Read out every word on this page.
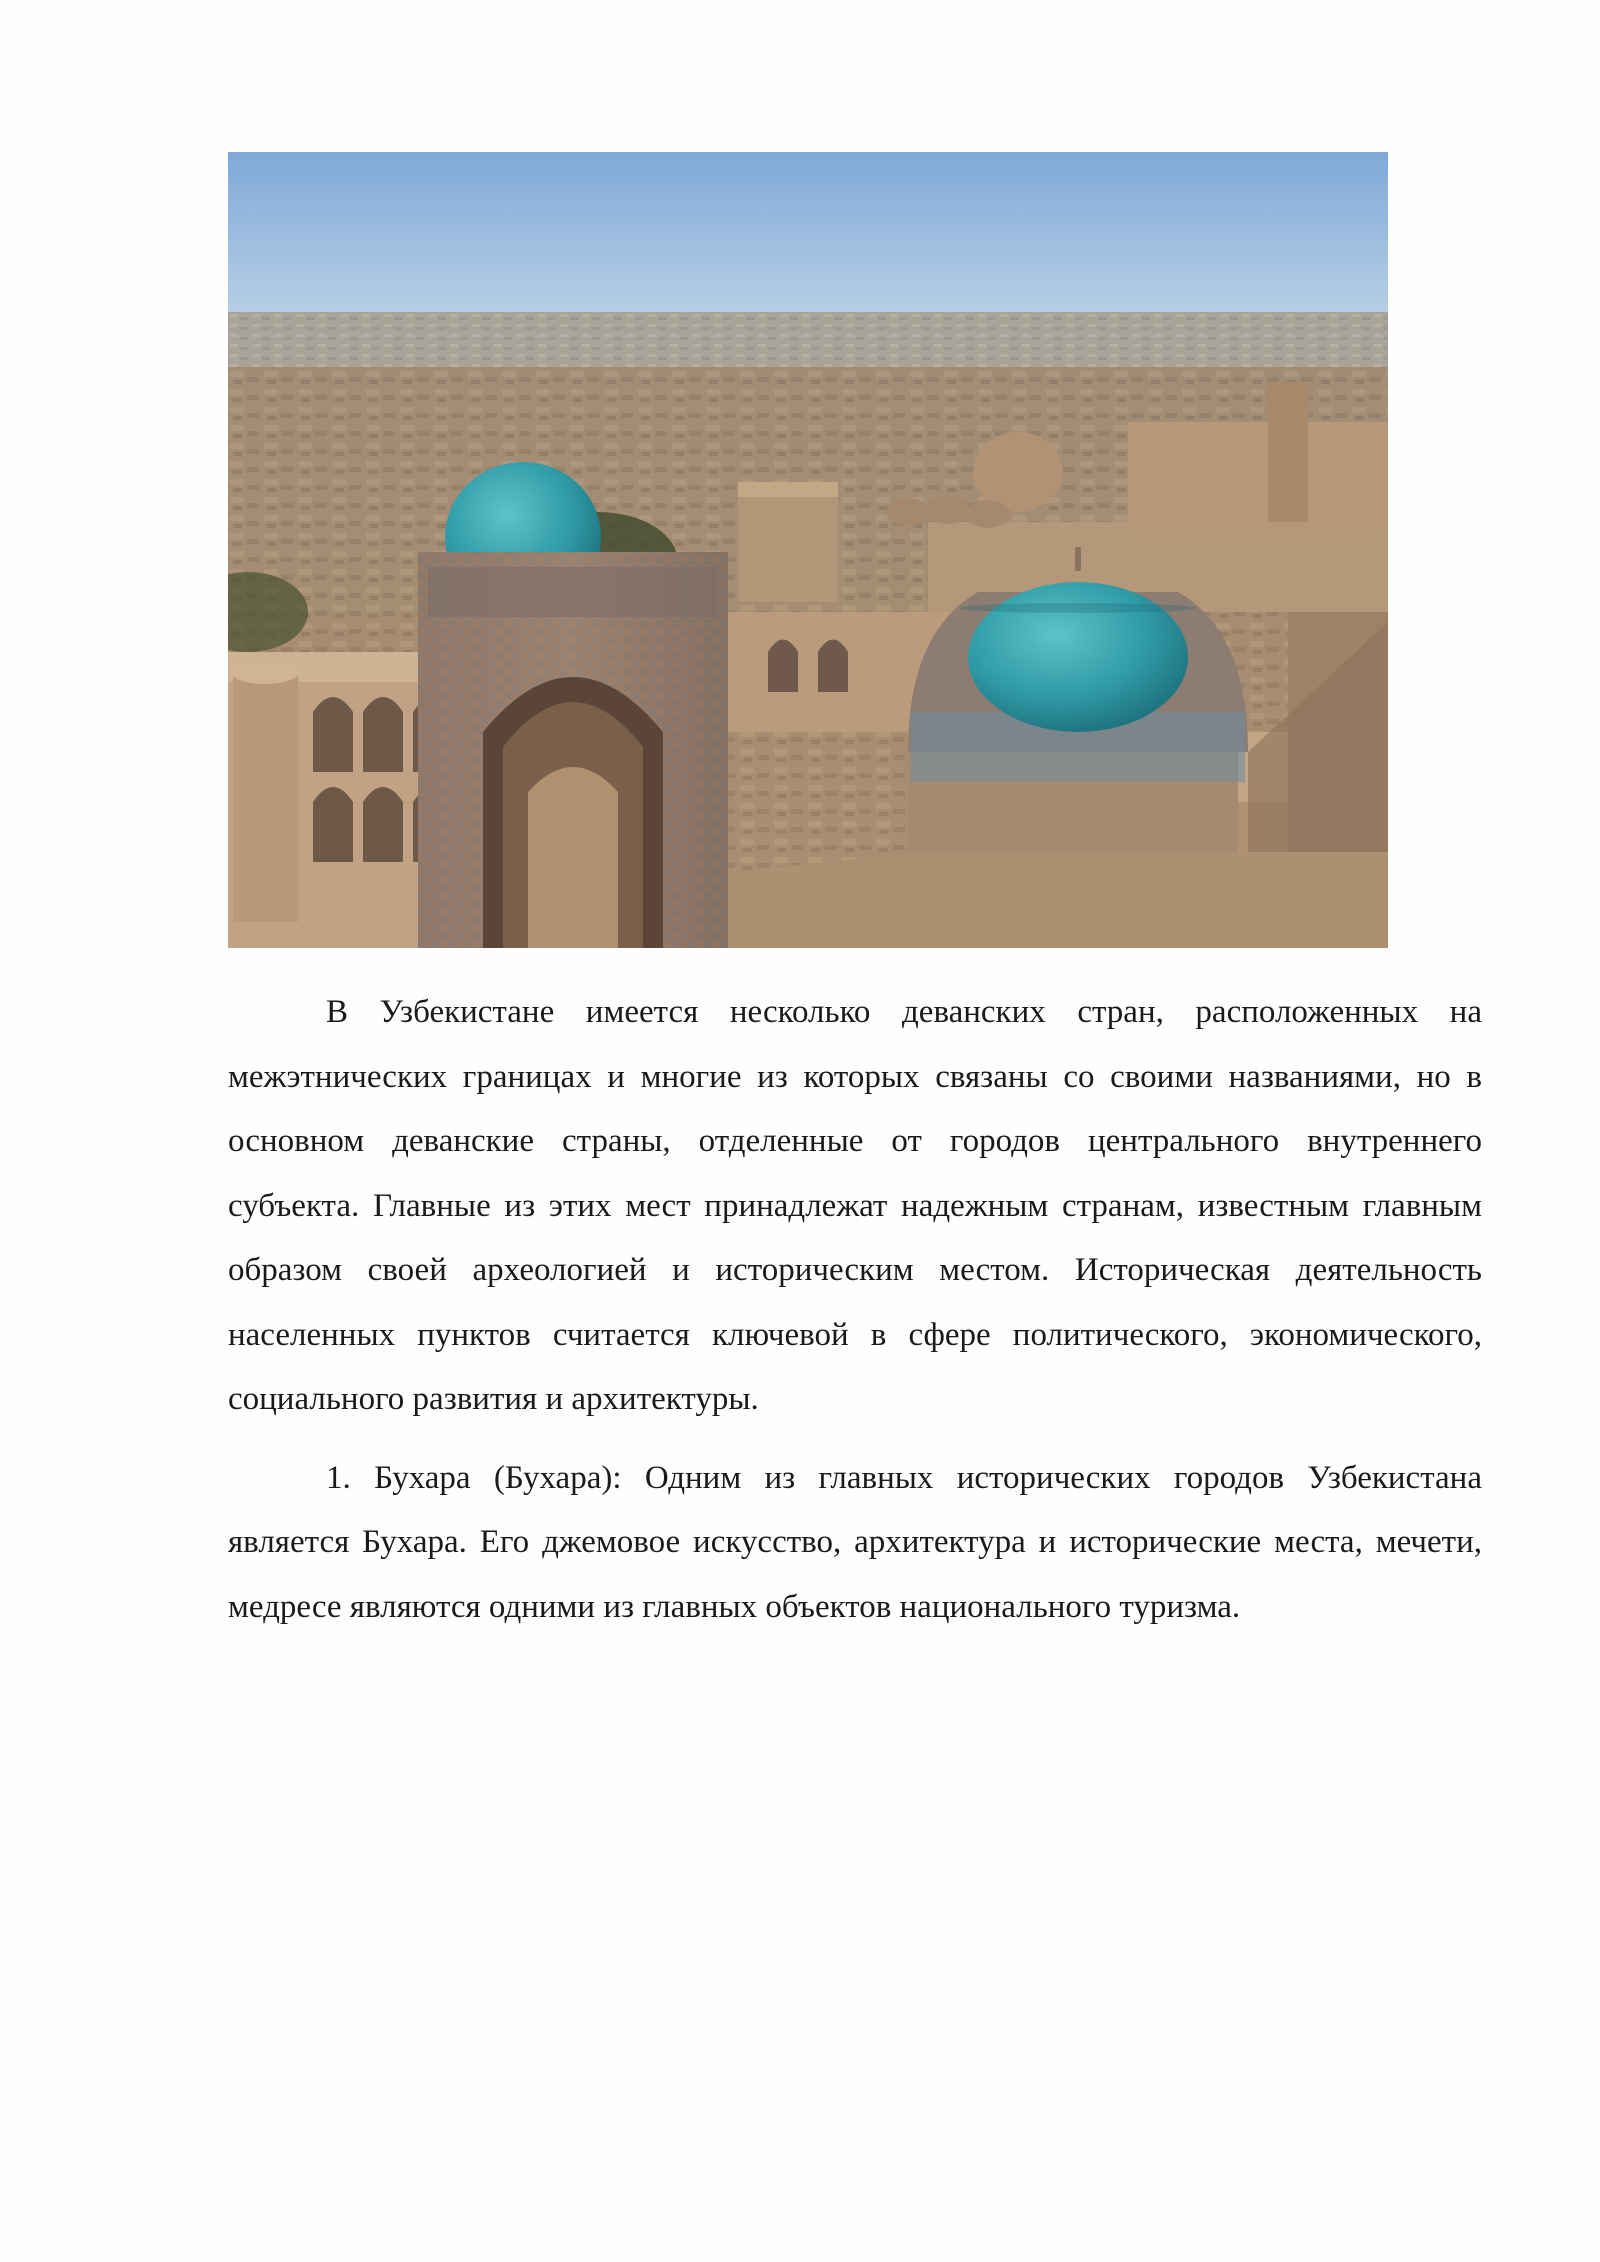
В Узбекистане имеется несколько деванских стран, расположенных на межэтнических границах и многие из которых связаны со своими названиями, но в основном деванские страны, отделенные от городов центрального внутреннего субъекта. Главные из этих мест принадлежат надежным странам, известным главным образом своей археологией и историческим местом. Историческая деятельность населенных пунктов считается ключевой в сфере политического, экономического, социального развития и архитектуры.

1. Бухара (Бухара): Одним из главных исторических городов Узбекистана является Бухара. Его джемовое искусство, архитектура и исторические места, мечети, медресе являются одними из главных объектов национального туризма.
